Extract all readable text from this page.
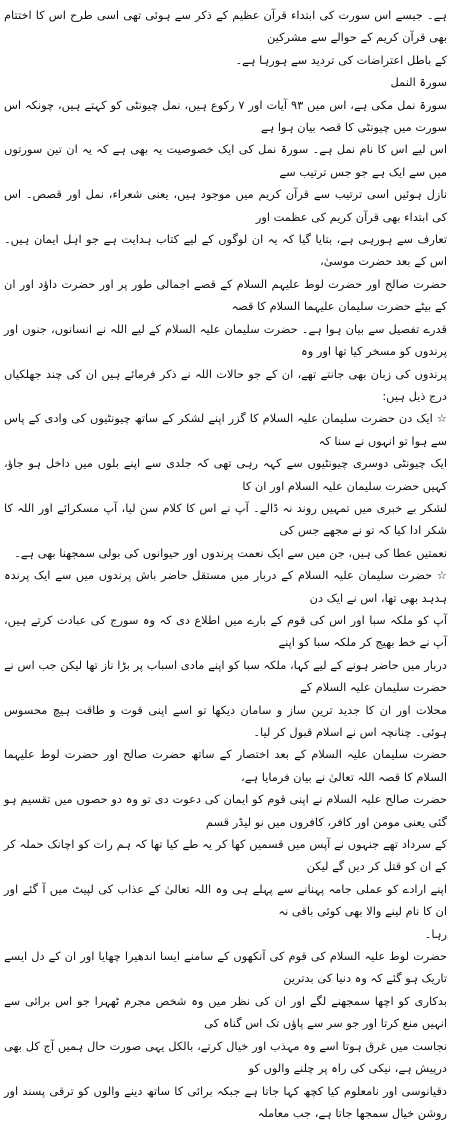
ہے۔ جیسے اس سورت کی ابتداء قرآن عظیم کے ذکر سے ہوئی تھی اسی طرح اس کا اختتام بھی قرآن کریم کے حوالے سے مشرکین

کے باطل اعتراضات کی تردید سے ہورہا ہے۔

سورۃ النمل

سورۃ نمل مکی ہے، اس میں ۹۳ آیات اور ۷ رکوع ہیں، نمل چیونٹی کو کہتے ہیں، چونکہ اس سورت میں چیونٹی کا قصہ بیان ہوا ہے

اس لیے اس کا نام نمل ہے۔ سورۃ نمل کی ایک خصوصیت یہ بھی ہے کہ یہ ان تین سورتوں میں سے ایک ہے جو جس ترتیب سے

نازل ہوئیں اسی ترتیب سے قرآن کریم میں موجود ہیں، یعنی شعراء، نمل اور قصص۔ اس کی ابتداء بھی قرآن کریم کی عظمت اور

تعارف سے ہورہی ہے، بتایا گیا کہ یہ ان لوگوں کے لیے کتاب ہدایت ہے جو اہل ایمان ہیں۔ اس کے بعد حضرت موسیٰ،

حضرت صالح اور حضرت لوط علیہم السلام کے قصے اجمالی طور پر اور حضرت داؤد اور ان کے بیٹے حضرت سلیمان علیہما السلام کا قصہ

قدرے تفصیل سے بیان ہوا ہے۔ حضرت سلیمان علیہ السلام کے لیے اللہ نے انسانوں، جنوں اور پرندوں کو مسخر کیا تھا اور وہ

پرندوں کی زبان بھی جانتے تھے، ان کے جو حالات اللہ نے ذکر فرمائے ہیں ان کی چند جھلکیاں درج ذیل ہیں:

☆ ایک دن حضرت سلیمان علیہ السلام کا گزر اپنے لشکر کے ساتھ چیونٹیوں کی وادی کے پاس سے ہوا تو انہوں نے سنا کہ

ایک چیونٹی دوسری چیونٹیوں سے کہہ رہی تھی کہ جلدی سے اپنے بلوں میں داخل ہو جاؤ، کہیں حضرت سلیمان علیہ السلام اور ان کا

لشکر بے خبری میں تمہیں روند نہ ڈالے۔ آپ نے اس کا کلام سن لیا، آپ مسکرائے اور اللہ کا شکر ادا کیا کہ تو نے مجھے جس کی

نعمتیں عطا کی ہیں، جن میں سے ایک نعمت پرندوں اور حیوانوں کی بولی سمجھنا بھی ہے۔

☆ حضرت سلیمان علیہ السلام کے دربار میں مستقل حاضر باش پرندوں میں سے ایک پرندہ ہدہد بھی تھا، اس نے ایک دن

آپ کو ملکہ سبا اور اس کی قوم کے بارے میں اطلاع دی کہ وہ سورج کی عبادت کرتے ہیں، آپ نے خط بھیج کر ملکہ سبا کو اپنے

دربار میں حاضر ہونے کے لیے کہا، ملکہ سبا کو اپنے مادی اسباب پر بڑا ناز تھا لیکن جب اس نے حضرت سلیمان علیہ السلام کے

محلات اور ان کا جدید ترین ساز و سامان دیکھا تو اسے اپنی قوت و طاقت ہیچ محسوس ہوئی۔ چنانچہ اس نے اسلام قبول کر لیا۔

حضرت سلیمان علیہ السلام کے بعد اختصار کے ساتھ حضرت صالح اور حضرت لوط علیہما السلام کا قصہ اللہ تعالیٰ نے بیان فرمایا ہے،

حضرت صالح علیہ السلام نے اپنی قوم کو ایمان کی دعوت دی تو وہ دو حصوں میں تقسیم ہو گئی یعنی مومن اور کافر، کافروں میں نو لیڈر قسم

کے سرداد تھے جنہوں نے آپس میں قسمیں کھا کر یہ طے کیا تھا کہ ہم رات کو اچانک حملہ کر کے ان کو قتل کر دیں گے لیکن

اپنے ارادے کو عملی جامہ پہنانے سے پہلے ہی وہ اللہ تعالیٰ کے عذاب کی لپیٹ میں آ گئے اور ان کا نام لینے والا بھی کوئی باقی نہ

رہا۔

حضرت لوط علیہ السلام کی قوم کی آنکھوں کے سامنے ایسا اندھیرا چھایا اور ان کے دل ایسے تاریک ہو گئے کہ وہ دنیا کی بدترین

بدکاری کو اچھا سمجھنے لگے اور ان کی نظر میں وہ شخص مجرم ٹھہرا جو اس برائی سے انہیں منع کرتا اور جو سر سے پاؤں تک اس گناہ کی

نجاست میں غرق ہوتا اسے وہ مہذب اور خیال کرتے، بالکل یہی صورت حال ہمیں آج کل بھی درپیش ہے، نیکی کی راہ پر چلنے والوں کو

دقیانوسی اور نامعلوم کیا کچھ کہا جاتا ہے جبکہ برائی کا ساتھ دینے والوں کو ترقی پسند اور روشن خیال سمجھا جاتا ہے، جب معاملہ
